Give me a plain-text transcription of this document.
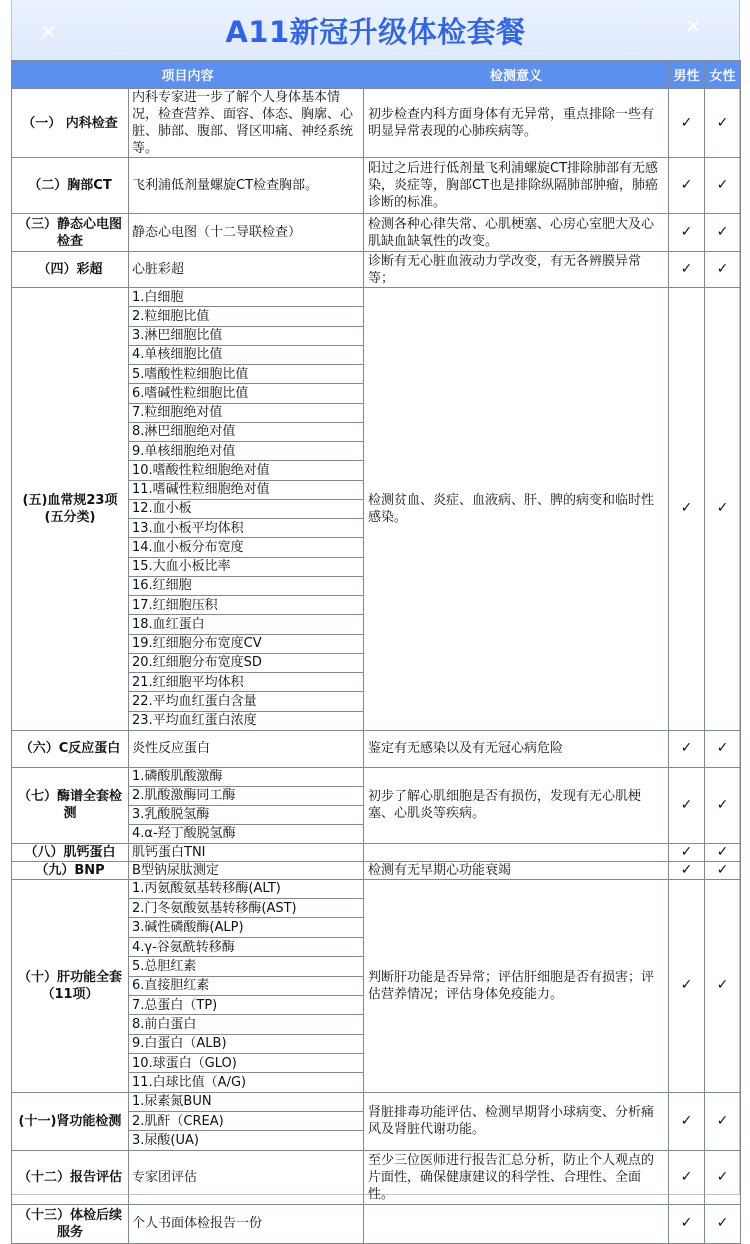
✕	A11新冠升级体检套餐	✕
项目内容		检测意义	男性	女性
（一） 内科检查	内科专家进一步了解个人身体基本情况，检查营养、面容、体态、胸廓、心脏、肺部、腹部、肾区叩痛、神经系统等。	初步检查内科方面身体有无异常，重点排除一些有明显异常表现的心肺疾病等。	✓	✓
（二）胸部CT	飞利浦低剂量螺旋CT检查胸部。	阳过之后进行低剂量飞利浦螺旋CT排除肺部有无感染，炎症等，胸部CT也是排除纵隔肺部肿瘤，肺癌诊断的标准。	✓	✓
（三）静态心电图检查	静态心电图（十二导联检查）	检测各种心律失常、心肌梗塞、心房心室肥大及心肌缺血缺氧性的改变。	✓	✓
（四）彩超	心脏彩超	诊断有无心脏血液动力学改变，有无各辨膜异常等；	✓	✓
(五)血常规23项(五分类)	1.白细胞	检测贫血、炎症、血液病、肝、脾的病变和临时性感染。	✓	✓
	2.粒细胞比值			
	3.淋巴细胞比值			
	4.单核细胞比值			
	5.嗜酸性粒细胞比值			
	6.嗜碱性粒细胞比值			
	7.粒细胞绝对值			
	8.淋巴细胞绝对值			
	9.单核细胞绝对值			
	10.嗜酸性粒细胞绝对值			
	11.嗜碱性粒细胞绝对值			
	12.血小板			
	13.血小板平均体积			
	14.血小板分布宽度			
	15.大血小板比率			
	16.红细胞			
	17.红细胞压积			
	18.血红蛋白			
	19.红细胞分布宽度CV			
	20.红细胞分布宽度SD			
	21.红细胞平均体积			
	22.平均血红蛋白含量			
	23.平均血红蛋白浓度			
（六）C反应蛋白	炎性反应蛋白	鉴定有无感染以及有无冠心病危险	✓	✓
（七）酶谱全套检测	1.磷酸肌酸激酶	初步了解心肌细胞是否有损伤，发现有无心肌梗塞、心肌炎等疾病。	✓	✓
	2.肌酸激酶同工酶			
	3.乳酸脱氢酶			
	4.α-羟丁酸脱氢酶			
（八）肌钙蛋白	肌钙蛋白TNI		✓	✓
（九）BNP	B型钠尿肽测定	检测有无早期心功能衰竭	✓	✓
（十）肝功能全套（11项）	1.丙氨酸氨基转移酶(ALT)	判断肝功能是否异常；评估肝细胞是否有损害；评估营养情况；评估身体免疫能力。	✓	✓
	2.门冬氨酸氨基转移酶(AST)			
	3.碱性磷酸酶(ALP)			
	4.γ-谷氨酰转移酶			
	5.总胆红素			
	6.直接胆红素			
	7.总蛋白（TP)			
	8.前白蛋白			
	9.白蛋白（ALB)			
	10.球蛋白（GLO)			
	11.白球比值（A/G)			
(十一)肾功能检测	1.尿素氮BUN	肾脏排毒功能评估、检测早期肾小球病变、分析痛风及肾脏代谢功能。	✓	✓
	2.肌酐（CREA)			
	3.尿酸(UA)			
（十二）报告评估	专家团评估	至少三位医师进行报告汇总分析，防止个人观点的片面性，确保健康建议的科学性、合理性、全面性。	✓	✓
（十三）体检后续服务	个人书面体检报告一份		✓	✓
